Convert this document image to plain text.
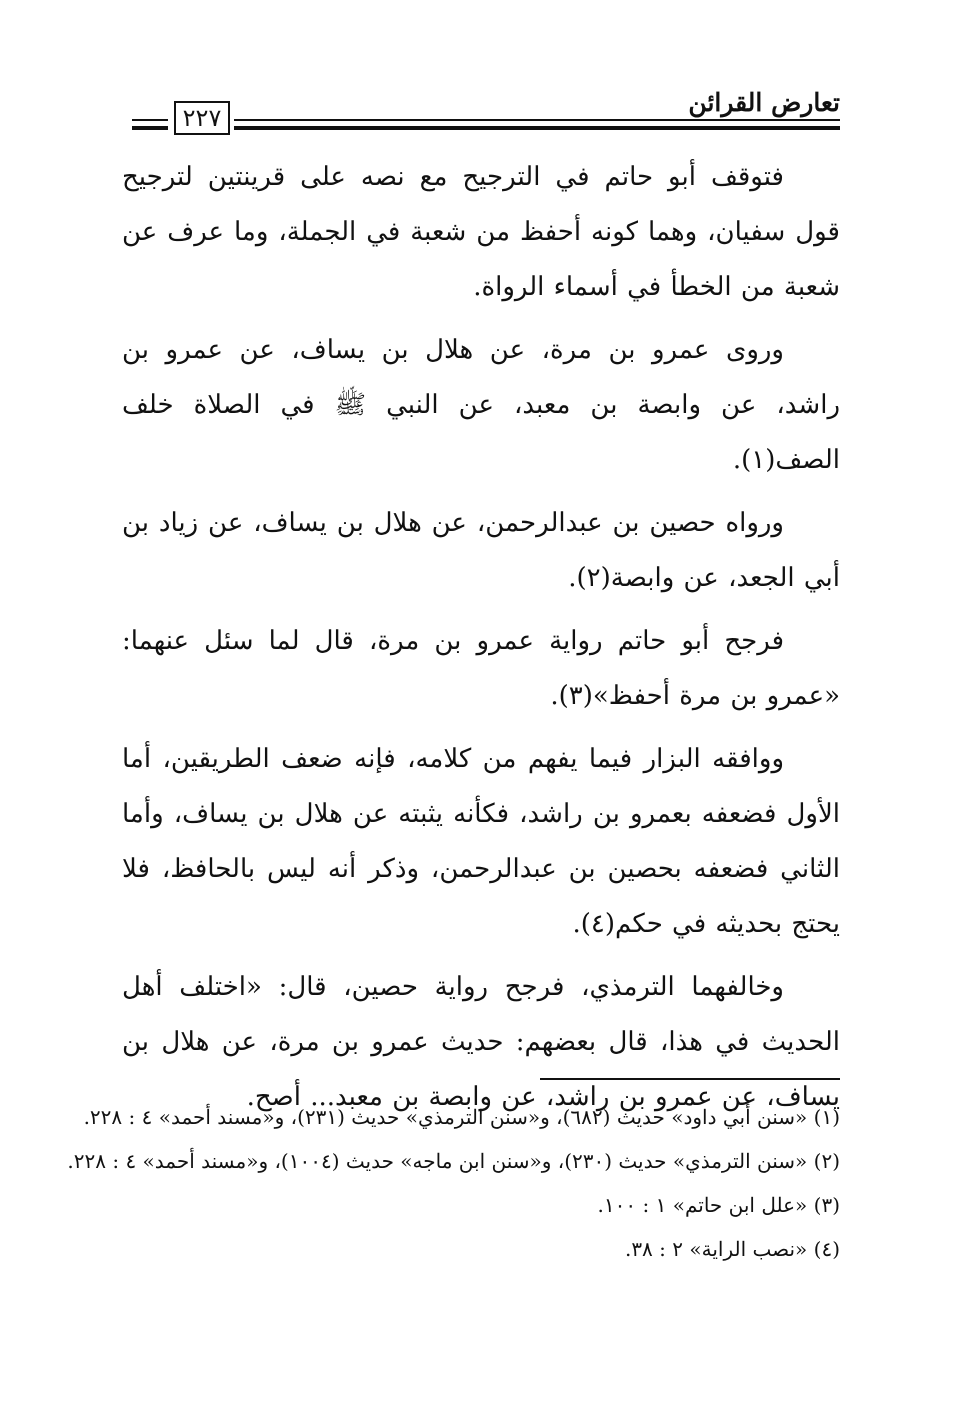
تعارض القرائن
٢٢٧

فتوقف أبو حاتم في الترجيح مع نصه على قرينتين لترجيح قول سفيان، وهما كونه أحفظ من شعبة في الجملة، وما عرف عن شعبة من الخطأ في أسماء الرواة.

وروى عمرو بن مرة، عن هلال بن يساف، عن عمرو بن راشد، عن وابصة بن معبد، عن النبي ﷺ في الصلاة خلف الصف(١).

ورواه حصين بن عبدالرحمن، عن هلال بن يساف، عن زياد بن أبي الجعد، عن وابصة(٢).

فرجح أبو حاتم رواية عمرو بن مرة، قال لما سئل عنهما: «عمرو بن مرة أحفظ»(٣).

ووافقه البزار فيما يفهم من كلامه، فإنه ضعف الطريقين، أما الأول فضعفه بعمرو بن راشد، فكأنه يثبته عن هلال بن يساف، وأما الثاني فضعفه بحصين بن عبدالرحمن، وذكر أنه ليس بالحافظ، فلا يحتج بحديثه في حكم(٤).

وخالفهما الترمذي، فرجح رواية حصين، قال: «اختلف أهل الحديث في هذا، قال بعضهم: حديث عمرو بن مرة، عن هلال بن يساف، عن عمرو بن راشد، عن وابصة بن معبد... أصح.

(١) «سنن أبي داود» حديث (٦٨٢)، و«سنن الترمذي» حديث (٢٣١)، و«مسند أحمد» ٤ : ٢٢٨.

(٢) «سنن الترمذي» حديث (٢٣٠)، و«سنن ابن ماجه» حديث (١٠٠٤)، و«مسند أحمد» ٤ : ٢٢٨.

(٣) «علل ابن حاتم» ١ : ١٠٠.

(٤) «نصب الراية» ٢ : ٣٨.
